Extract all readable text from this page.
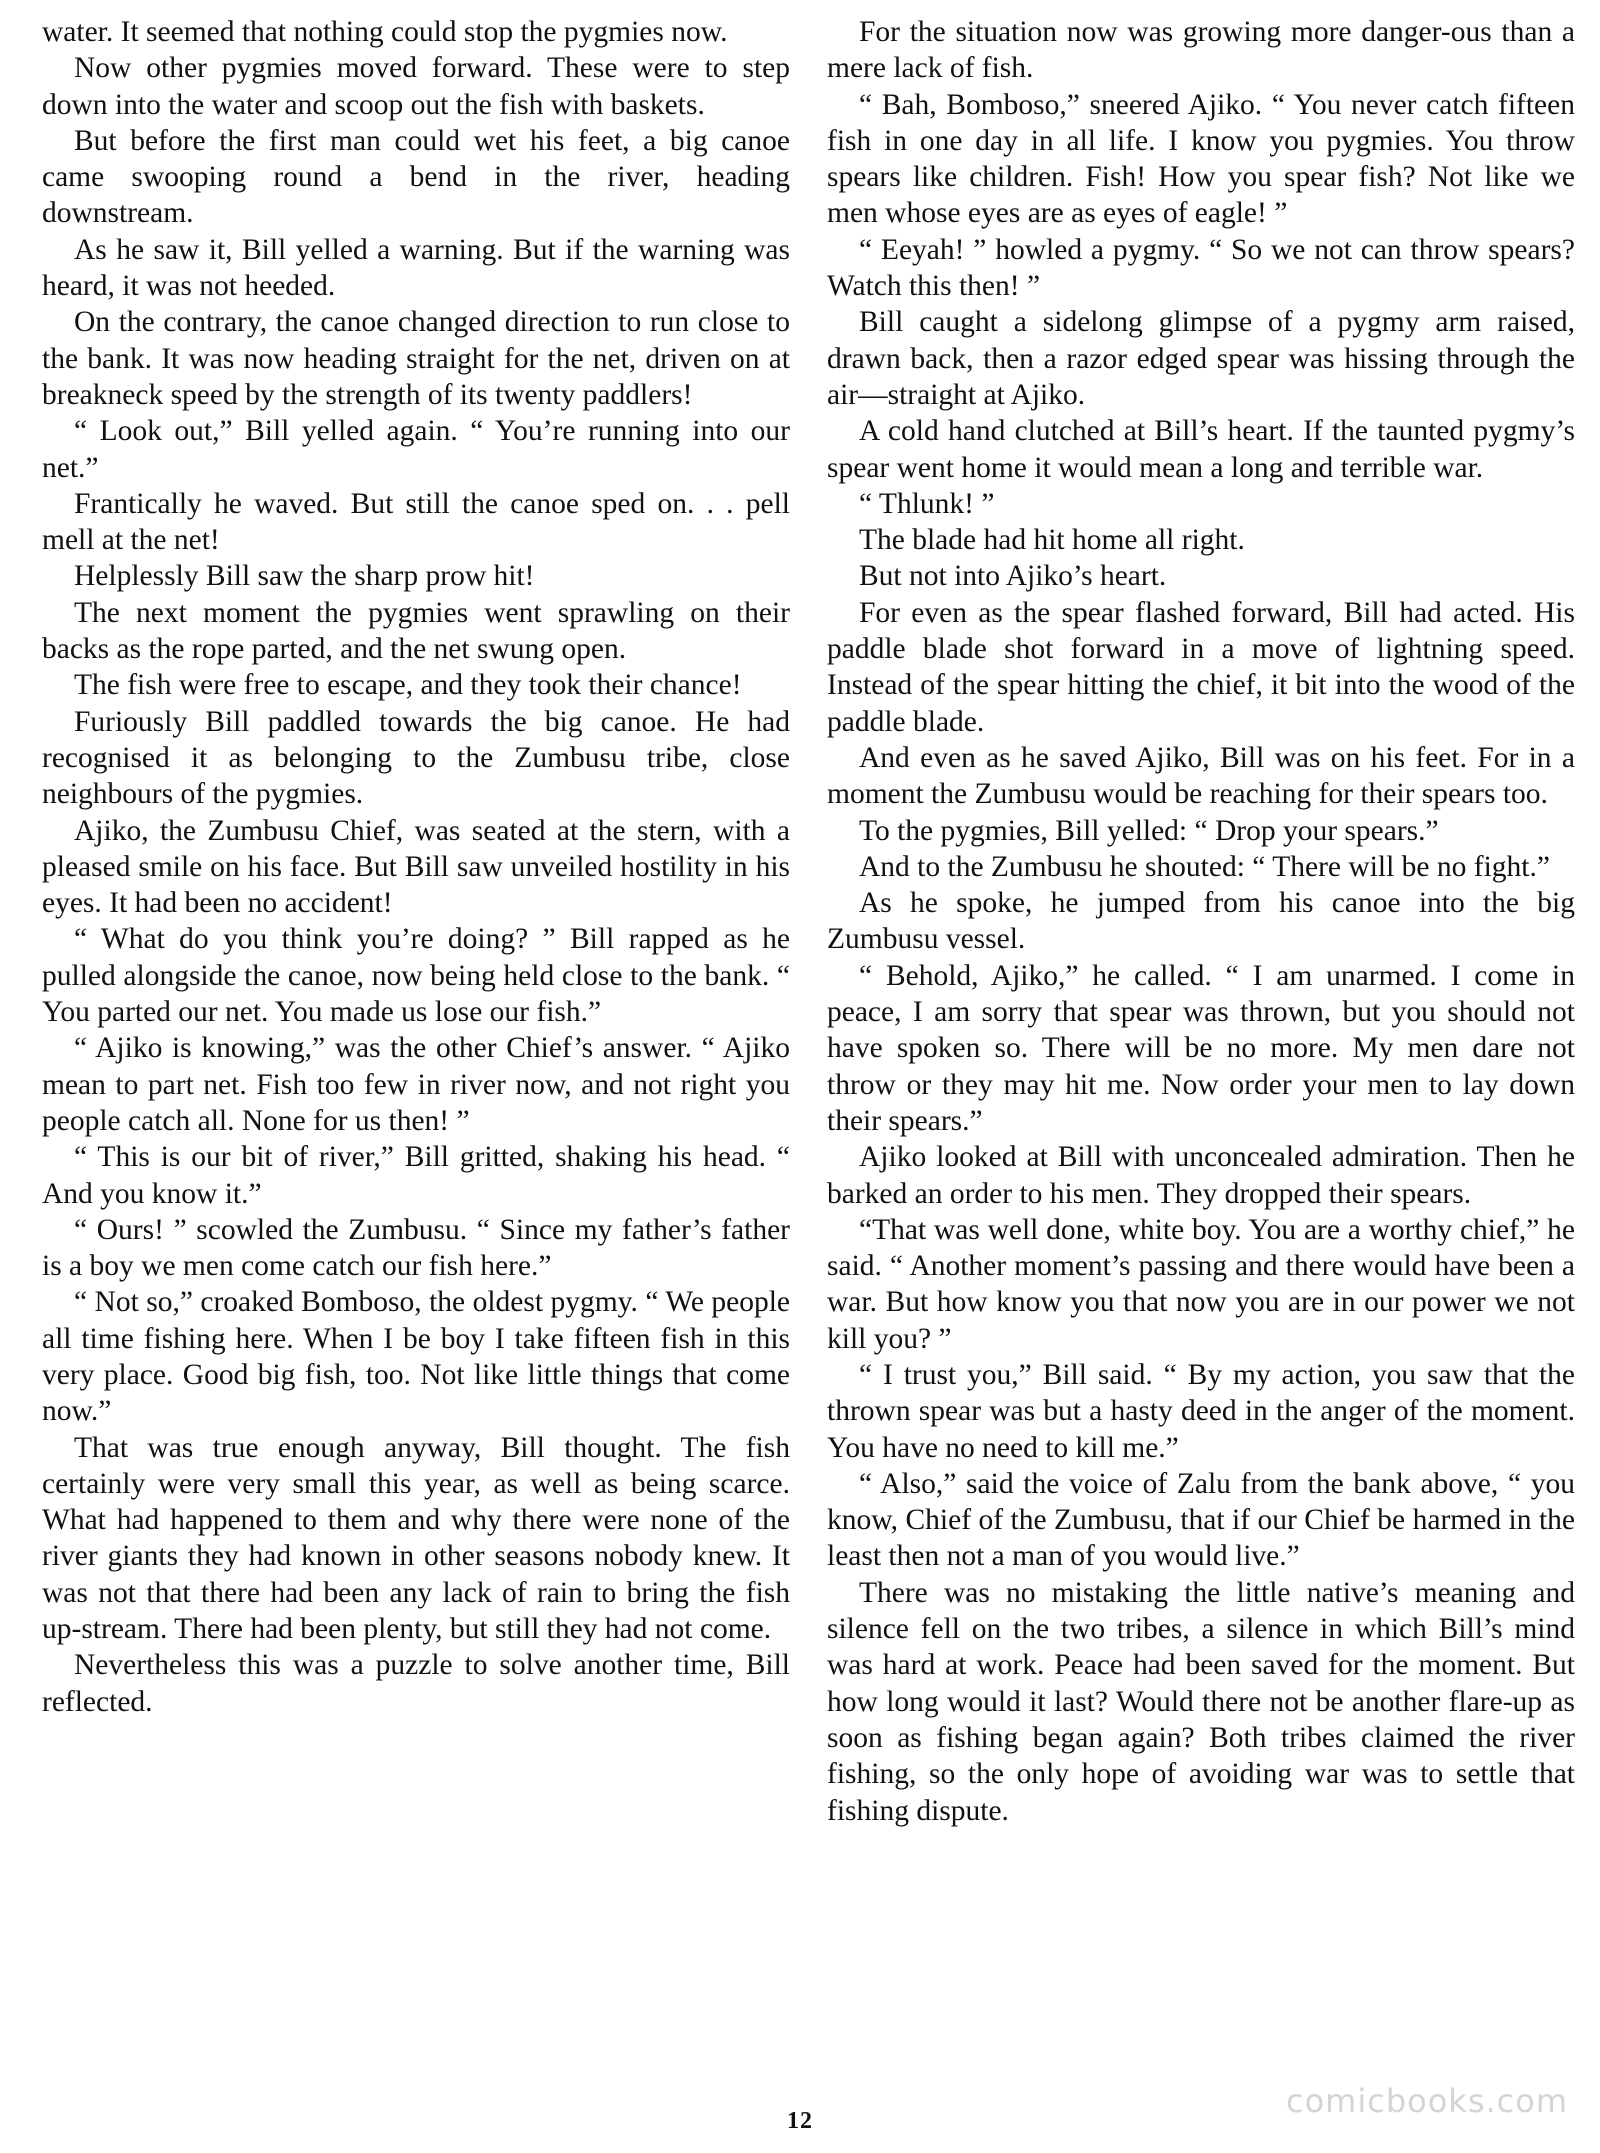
water. It seemed that nothing could stop the pygmies now.

Now other pygmies moved forward. These were to step down into the water and scoop out the fish with baskets.

But before the first man could wet his feet, a big canoe came swooping round a bend in the river, heading downstream.

As he saw it, Bill yelled a warning. But if the warning was heard, it was not heeded.

On the contrary, the canoe changed direction to run close to the bank. It was now heading straight for the net, driven on at breakneck speed by the strength of its twenty paddlers!

“ Look out,” Bill yelled again. “ You’re running into our net.”

Frantically he waved. But still the canoe sped on. . . pell mell at the net!

Helplessly Bill saw the sharp prow hit!

The next moment the pygmies went sprawling on their backs as the rope parted, and the net swung open.

The fish were free to escape, and they took their chance!

Furiously Bill paddled towards the big canoe. He had recognised it as belonging to the Zumbusu tribe, close neighbours of the pygmies.

Ajiko, the Zumbusu Chief, was seated at the stern, with a pleased smile on his face. But Bill saw unveiled hostility in his eyes. It had been no accident!

“ What do you think you’re doing? ” Bill rapped as he pulled alongside the canoe, now being held close to the bank. “ You parted our net. You made us lose our fish.”

“ Ajiko is knowing,” was the other Chief’s answer. “ Ajiko mean to part net. Fish too few in river now, and not right you people catch all. None for us then! ”

“ This is our bit of river,” Bill gritted, shaking his head. “ And you know it.”

“ Ours! ” scowled the Zumbusu. “ Since my father’s father is a boy we men come catch our fish here.”

“ Not so,” croaked Bomboso, the oldest pygmy. “ We people all time fishing here. When I be boy I take fifteen fish in this very place. Good big fish, too. Not like little things that come now.”

That was true enough anyway, Bill thought. The fish certainly were very small this year, as well as being scarce. What had happened to them and why there were none of the river giants they had known in other seasons nobody knew. It was not that there had been any lack of rain to bring the fish up-stream. There had been plenty, but still they had not come.

Nevertheless this was a puzzle to solve another time, Bill reflected.

For the situation now was growing more danger-ous than a mere lack of fish.

“ Bah, Bomboso,” sneered Ajiko. “ You never catch fifteen fish in one day in all life. I know you pygmies. You throw spears like children. Fish! How you spear fish? Not like we men whose eyes are as eyes of eagle! ”

“ Eeyah! ” howled a pygmy. “ So we not can throw spears? Watch this then! ”

Bill caught a sidelong glimpse of a pygmy arm raised, drawn back, then a razor edged spear was hissing through the air—straight at Ajiko.

A cold hand clutched at Bill’s heart. If the taunted pygmy’s spear went home it would mean a long and terrible war.

“ Thlunk! ”

The blade had hit home all right.

But not into Ajiko’s heart.

For even as the spear flashed forward, Bill had acted. His paddle blade shot forward in a move of lightning speed. Instead of the spear hitting the chief, it bit into the wood of the paddle blade.

And even as he saved Ajiko, Bill was on his feet. For in a moment the Zumbusu would be reaching for their spears too.

To the pygmies, Bill yelled: “ Drop your spears.”

And to the Zumbusu he shouted: “ There will be no fight.”

As he spoke, he jumped from his canoe into the big Zumbusu vessel.

“ Behold, Ajiko,” he called. “ I am unarmed. I come in peace, I am sorry that spear was thrown, but you should not have spoken so. There will be no more. My men dare not throw or they may hit me. Now order your men to lay down their spears.”

Ajiko looked at Bill with unconcealed admiration. Then he barked an order to his men. They dropped their spears.

“That was well done, white boy. You are a worthy chief,” he said. “ Another moment’s passing and there would have been a war. But how know you that now you are in our power we not kill you? ”

“ I trust you,” Bill said. “ By my action, you saw that the thrown spear was but a hasty deed in the anger of the moment. You have no need to kill me.”

“ Also,” said the voice of Zalu from the bank above, “ you know, Chief of the Zumbusu, that if our Chief be harmed in the least then not a man of you would live.”

There was no mistaking the little native’s meaning and silence fell on the two tribes, a silence in which Bill’s mind was hard at work. Peace had been saved for the moment. But how long would it last? Would there not be another flare-up as soon as fishing began again? Both tribes claimed the river fishing, so the only hope of avoiding war was to settle that fishing dispute.

comicbooks.com
12
